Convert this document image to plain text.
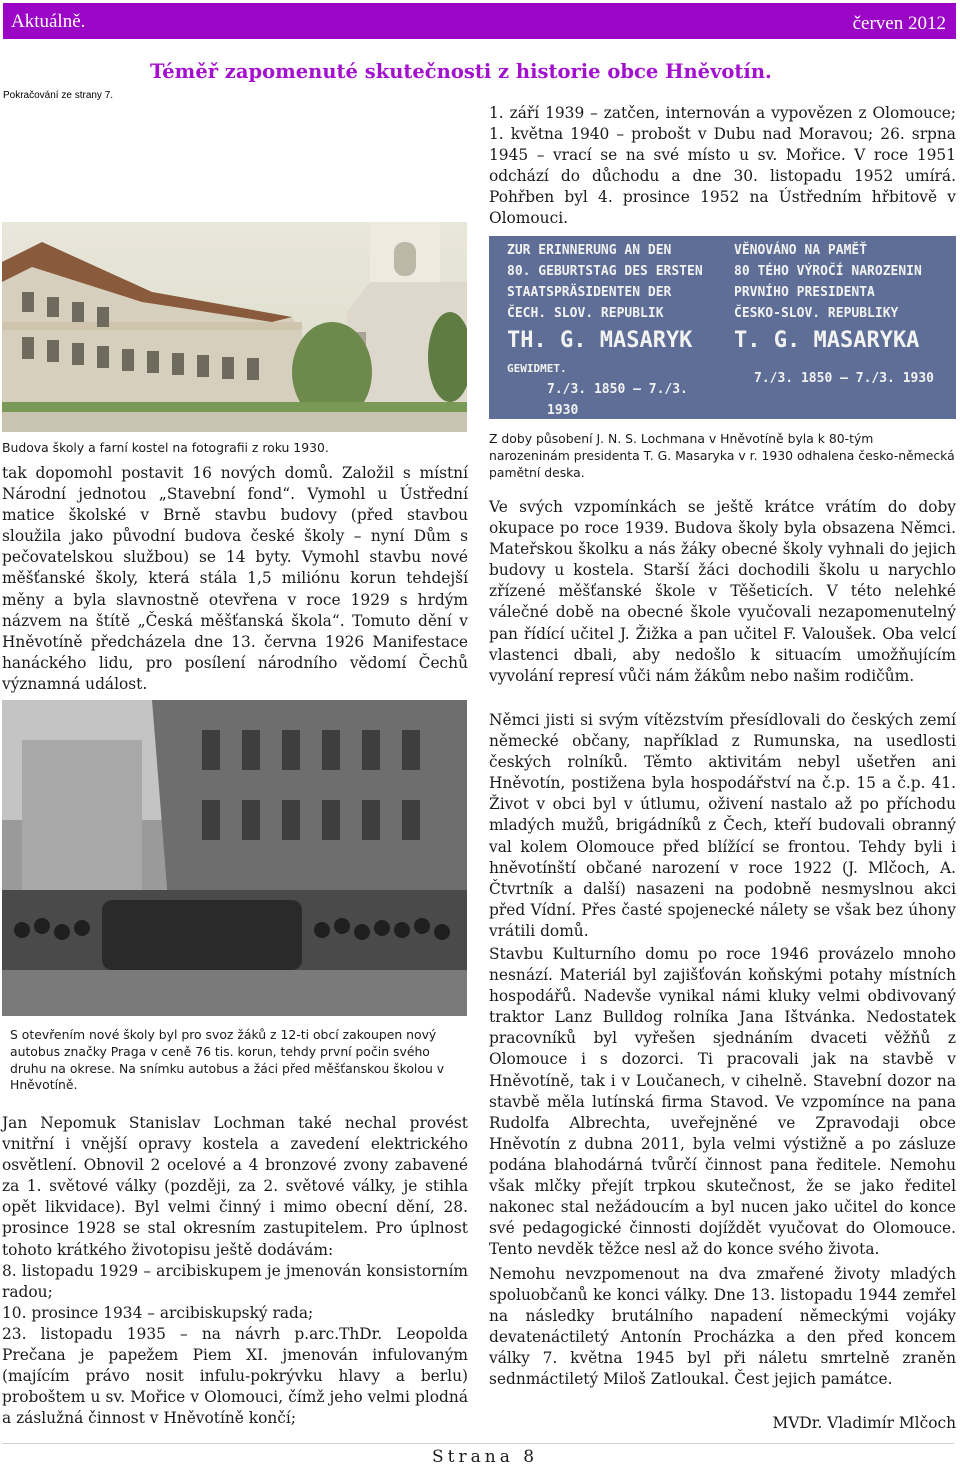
Aktuálně.	červen 2012
Pokračování ze strany 7.
Téměř zapomenuté skutečnosti z historie obce Hněvotín.

1. září 1939 – zatčen, internován a vypovězen z Olomouce; 1. května 1940 – probošt v Dubu nad Moravou; 26. srpna 1945 – vrací se na své místo u sv. Mořice. V roce 1951 odchází do důchodu a dne 30. listopadu 1952 umírá. Pohřben byl 4. prosince 1952 na Ústředním hřbitově v Olomouci.

Budova školy a farní kostel na fotografii z roku 1930.

ZUR ERINNERUNG AN DEN
80. GEBURTSTAG DES ERSTEN
STAATSPRÄSIDENTEN DER
ČECH. SLOV. REPUBLIK
TH. G. MASARYK
GEWIDMET.
7./3. 1850 — 7./3. 1930
VĚNOVÁNO NA PAMĚŤ
80 TÉHO VÝROČÍ NAROZENIN
PRVNÍHO PRESIDENTA
ČESKO-SLOV. REPUBLIKY
T. G. MASARYKA
7./3. 1850 — 7./3. 1930

Z doby působení J. N. S. Lochmana v Hněvotíně byla k 80-tým narozeninám presidenta T. G. Masaryka v r. 1930 odhalena česko-německá pamětní deska.

tak dopomohl postavit 16 nových domů. Založil s místní Národní jednotou „Stavební fond“. Vymohl u Ústřední matice školské v Brně stavbu budovy (před stavbou sloužila jako původní budova české školy – nyní Dům s pečovatelskou službou) se 14 byty. Vymohl stavbu nové měšťanské školy, která stála 1,5 miliónu korun tehdejší měny a byla slavnostně otevřena v roce 1929 s hrdým názvem na štítě „Česká měšťanská škola“. Tomuto dění v Hněvotíně předcházela dne 13. června 1926 Manifestace hanáckého lidu, pro posílení národního vědomí Čechů významná událost.

S otevřením nové školy byl pro svoz žáků z 12-ti obcí zakoupen nový autobus značky Praga v ceně 76 tis. korun, tehdy první počin svého druhu na okrese. Na snímku autobus a žáci před měšťanskou školou v Hněvotíně.

Jan Nepomuk Stanislav Lochman také nechal provést vnitřní i vnější opravy kostela a zavedení elektrického osvětlení. Obnovil 2 ocelové a 4 bronzové zvony zabavené za 1. světové války (později, za 2. světové války, je stihla opět likvidace). Byl velmi činný i mimo obecní dění, 28. prosince 1928 se stal okresním zastupitelem. Pro úplnost tohoto krátkého životopisu ještě dodávám:

8. listopadu 1929 – arcibiskupem je jmenován konsistorním radou;

10. prosince 1934 – arcibiskupský rada;

23. listopadu 1935 – na návrh p.arc.ThDr. Leopolda Prečana je papežem Piem XI. jmenován infulovaným (majícím právo nosit infulu-pokrývku hlavy a berlu) proboštem u sv. Mořice v Olomouci, čímž jeho velmi plodná a záslužná činnost v Hněvotíně končí;

Ve svých vzpomínkách se ještě krátce vrátím do doby okupace po roce 1939. Budova školy byla obsazena Němci. Mateřskou školku a nás žáky obecné školy vyhnali do jejich budovy u kostela. Starší žáci dochodili školu u narychlo zřízené měšťanské škole v Těšeticích. V této nelehké válečné době na obecné škole vyučovali nezapomenutelný pan řídící učitel J. Žižka a pan učitel F. Valoušek. Oba velcí vlastenci dbali, aby nedošlo k situacím umožňujícím vyvolání represí vůči nám žákům nebo našim rodičům.

Němci jisti si svým vítězstvím přesídlovali do českých zemí německé občany, například z Rumunska, na usedlosti českých rolníků. Těmto aktivitám nebyl ušetřen ani Hněvotín, postižena byla hospodářství na č.p. 15 a č.p. 41. Život v obci byl v útlumu, oživení nastalo až po příchodu mladých mužů, brigádníků z Čech, kteří budovali obranný val kolem Olomouce před blížící se frontou. Tehdy byli i hněvotínští občané narození v roce 1922 (J. Mlčoch, A. Čtvrtník a další) nasazeni na podobně nesmyslnou akci před Vídní. Přes časté spojenecké nálety se však bez úhony vrátili domů.

Stavbu Kulturního domu po roce 1946 provázelo mnoho nesnází. Materiál byl zajišťován koňskými potahy místních hospodářů. Nadevše vynikal námi kluky velmi obdivovaný traktor Lanz Bulldog rolníka Jana Ištvánka. Nedostatek pracovníků byl vyřešen sjednáním dvaceti věžňů z Olomouce i s dozorci. Ti pracovali jak na stavbě v Hněvotíně, tak i v Loučanech, v cihelně. Stavební dozor na stavbě měla lutínská firma Stavod. Ve vzpomínce na pana Rudolfa Albrechta, uveřejněné ve Zpravodaji obce Hněvotín z dubna 2011, byla velmi výstižně a po zásluze podána blahodárná tvůrčí činnost pana ředitele. Nemohu však mlčky přejít trpkou skutečnost, že se jako ředitel nakonec stal nežádoucím a byl nucen jako učitel do konce své pedagogické činnosti dojíždět vyučovat do Olomouce. Tento nevděk těžce nesl až do konce svého života.

Nemohu nevzpomenout na dva zmařené životy mladých spoluobčanů ke konci války. Dne 13. listopadu 1944 zemřel na následky brutálního napadení německými vojáky devatenáctiletý Antonín Procházka a den před koncem války 7. května 1945 byl při náletu smrtelně zraněn sednmáctiletý Miloš Zatloukal. Čest jejich památce.

MVDr. Vladimír Mlčoch

Strana 8
